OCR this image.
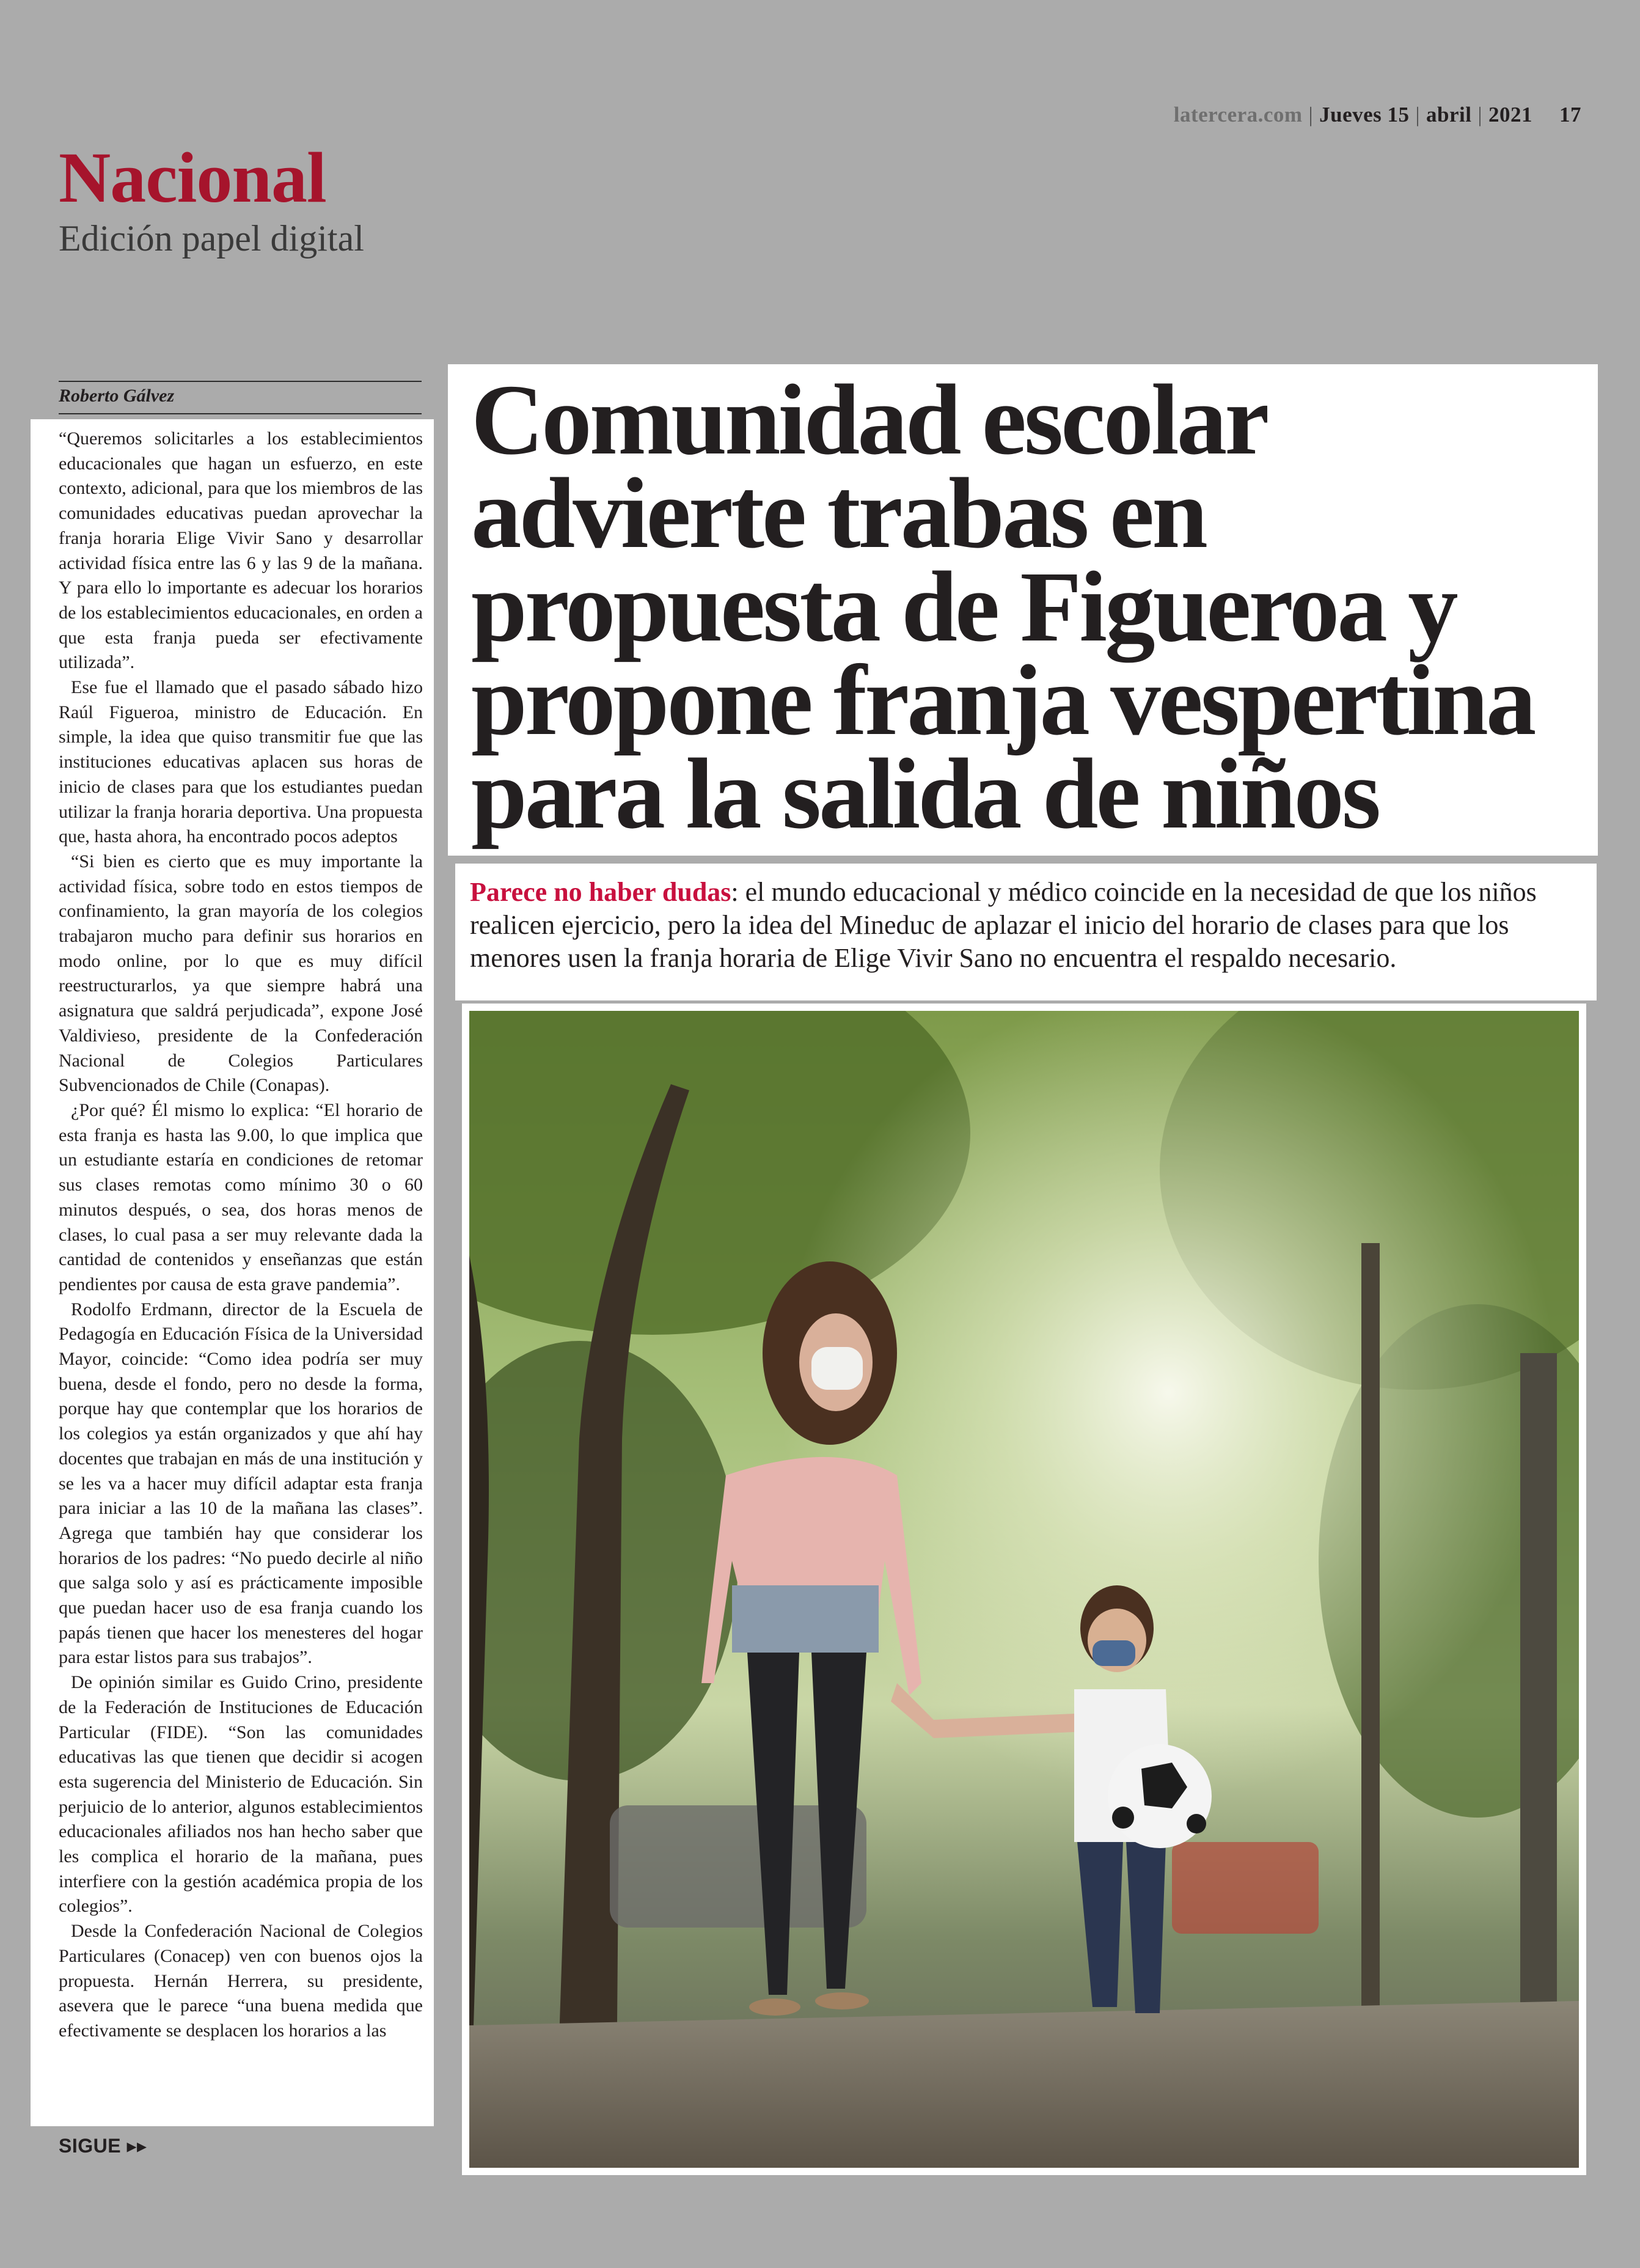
latercera.com | Jueves 15 | abril | 2021 17
Nacional
Edición papel digital
Roberto Gálvez

“Queremos solicitarles a los establecimientos educacionales que hagan un esfuerzo, en este contexto, adicional, para que los miembros de las comunidades educativas puedan aprovechar la franja horaria Elige Vivir Sano y desarrollar actividad física entre las 6 y las 9 de la mañana. Y para ello lo importante es adecuar los horarios de los establecimientos educacionales, en orden a que esta franja pueda ser efectivamente utilizada”.

Ese fue el llamado que el pasado sábado hizo Raúl Figueroa, ministro de Educación. En simple, la idea que quiso transmitir fue que las instituciones educativas aplacen sus horas de inicio de clases para que los estudiantes puedan utilizar la franja horaria deportiva. Una propuesta que, hasta ahora, ha encontrado pocos adeptos

“Si bien es cierto que es muy importante la actividad física, sobre todo en estos tiempos de confinamiento, la gran mayoría de los colegios trabajaron mucho para definir sus horarios en modo online, por lo que es muy difícil reestructurarlos, ya que siempre habrá una asignatura que saldrá perjudicada”, expone José Valdivieso, presidente de la Confederación Nacional de Colegios Particulares Subvencionados de Chile (Conapas).

¿Por qué? Él mismo lo explica: “El horario de esta franja es hasta las 9.00, lo que implica que un estudiante estaría en condiciones de retomar sus clases remotas como mínimo 30 o 60 minutos después, o sea, dos horas menos de clases, lo cual pasa a ser muy relevante dada la cantidad de contenidos y enseñanzas que están pendientes por causa de esta grave pandemia”.

Rodolfo Erdmann, director de la Escuela de Pedagogía en Educación Física de la Universidad Mayor, coincide: “Como idea podría ser muy buena, desde el fondo, pero no desde la forma, porque hay que contemplar que los horarios de los colegios ya están organizados y que ahí hay docentes que trabajan en más de una institución y se les va a hacer muy difícil adaptar esta franja para iniciar a las 10 de la mañana las clases”. Agrega que también hay que considerar los horarios de los padres: “No puedo decirle al niño que salga solo y así es prácticamente imposible que puedan hacer uso de esa franja cuando los papás tienen que hacer los menesteres del hogar para estar listos para sus trabajos”.

De opinión similar es Guido Crino, presidente de la Federación de Instituciones de Educación Particular (FIDE). “Son las comunidades educativas las que tienen que decidir si acogen esta sugerencia del Ministerio de Educación. Sin perjuicio de lo anterior, algunos establecimientos educacionales afiliados nos han hecho saber que les complica el horario de la mañana, pues interfiere con la gestión académica propia de los colegios”.

Desde la Confederación Nacional de Colegios Particulares (Conacep) ven con buenos ojos la propuesta. Hernán Herrera, su presidente, asevera que le parece “una buena medida que efectivamente se desplacen los horarios a las

SIGUE ▸▸
Comunidad escolar
advierte trabas en
propuesta de Figueroa y
propone franja vespertina
para la salida de niños

Parece no haber dudas: el mundo educacional y médico coincide en la necesidad de que los niños realicen ejercicio, pero la idea del Mineduc de aplazar el inicio del horario de clases para que los menores usen la franja horaria de Elige Vivir Sano no encuentra el respaldo necesario.
